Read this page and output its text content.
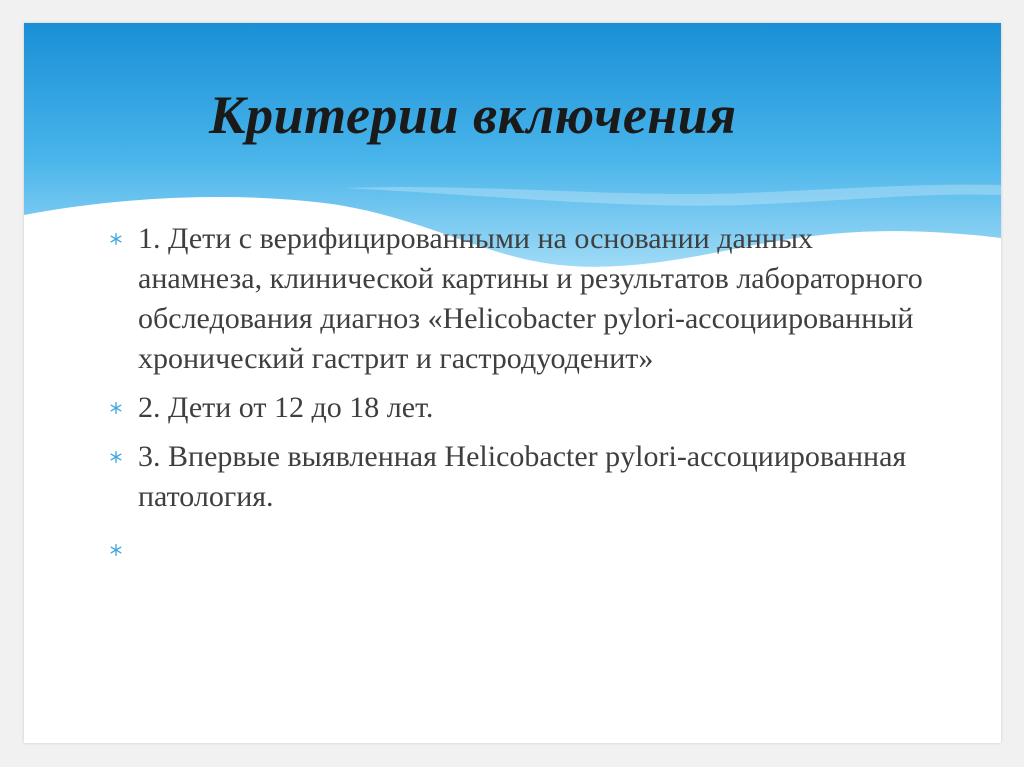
Критерии включения
1. Дети с верифицированными на основании данных анамнеза, клинической картины и результатов лабораторного обследования диагноз «Helicobacter pylori-ассоциированный хронический гастрит и гастродуоденит»
2. Дети от 12 до 18 лет.
3. Впервые выявленная Helicobacter pylori-ассоциированная патология.
